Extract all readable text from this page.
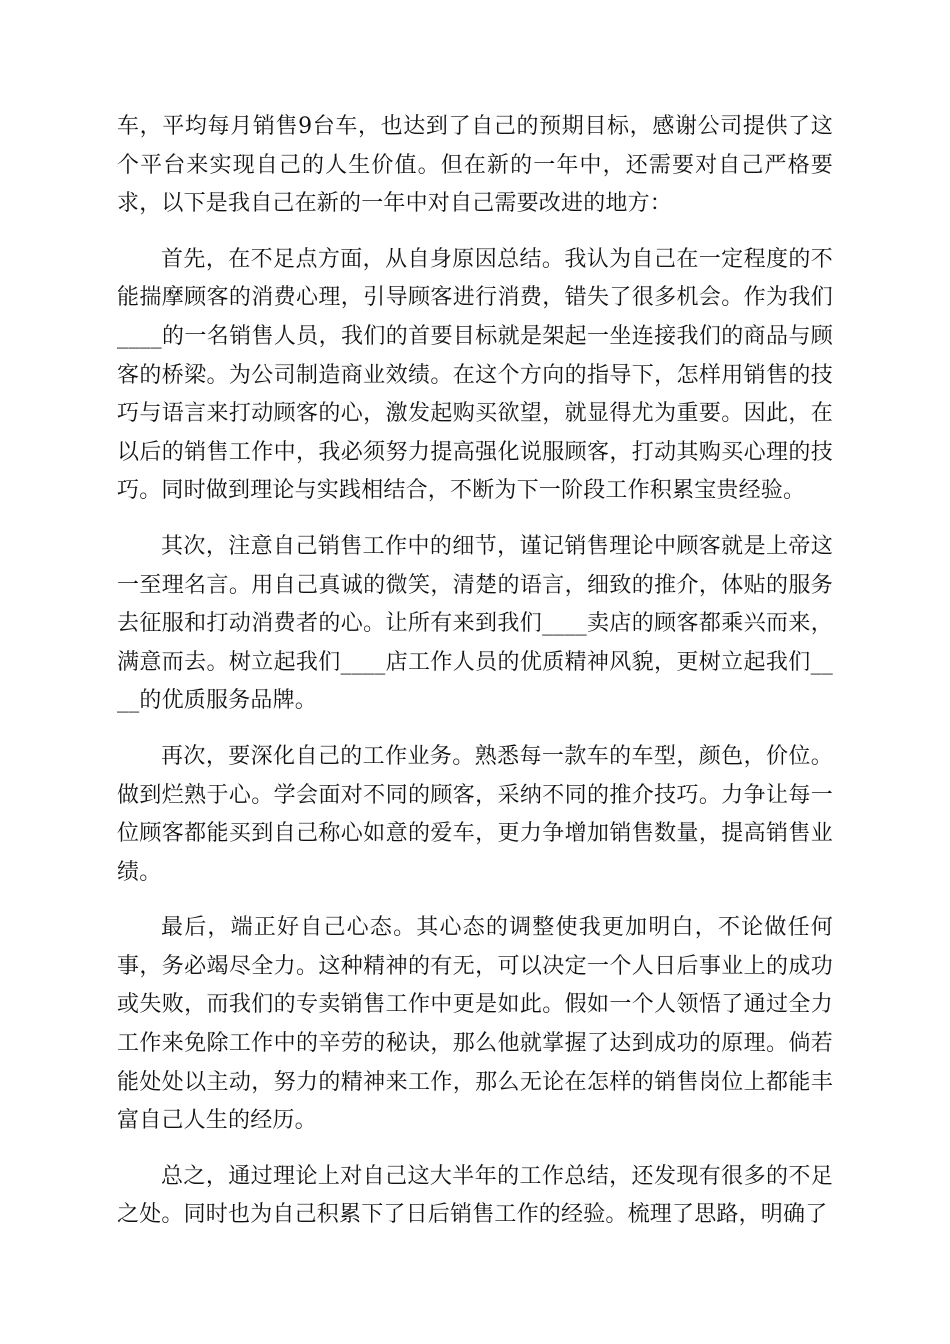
车，平均每月销售9台车，也达到了自己的预期目标，感谢公司提供了这个平台来实现自己的人生价值。但在新的一年中，还需要对自己严格要求，以下是我自己在新的一年中对自己需要改进的地方：

首先，在不足点方面，从自身原因总结。我认为自己在一定程度的不能揣摩顾客的消费心理，引导顾客进行消费，错失了很多机会。作为我们____的一名销售人员，我们的首要目标就是架起一坐连接我们的商品与顾客的桥梁。为公司制造商业效绩。在这个方向的指导下，怎样用销售的技巧与语言来打动顾客的心，激发起购买欲望，就显得尤为重要。因此，在以后的销售工作中，我必须努力提高强化说服顾客，打动其购买心理的技巧。同时做到理论与实践相结合，不断为下一阶段工作积累宝贵经验。

其次，注意自己销售工作中的细节，谨记销售理论中顾客就是上帝这一至理名言。用自己真诚的微笑，清楚的语言，细致的推介，体贴的服务去征服和打动消费者的心。让所有来到我们____卖店的顾客都乘兴而来，满意而去。树立起我们____店工作人员的优质精神风貌，更树立起我们____的优质服务品牌。

再次，要深化自己的工作业务。熟悉每一款车的车型，颜色，价位。做到烂熟于心。学会面对不同的顾客，采纳不同的推介技巧。力争让每一位顾客都能买到自己称心如意的爱车，更力争增加销售数量，提高销售业绩。

最后，端正好自己心态。其心态的调整使我更加明白，不论做任何事，务必竭尽全力。这种精神的有无，可以决定一个人日后事业上的成功或失败，而我们的专卖销售工作中更是如此。假如一个人领悟了通过全力工作来免除工作中的辛劳的秘诀，那么他就掌握了达到成功的原理。倘若能处处以主动，努力的精神来工作，那么无论在怎样的销售岗位上都能丰富自己人生的经历。

总之，通过理论上对自己这大半年的工作总结，还发现有很多的不足之处。同时也为自己积累下了日后销售工作的经验。梳理了思路，明确了
